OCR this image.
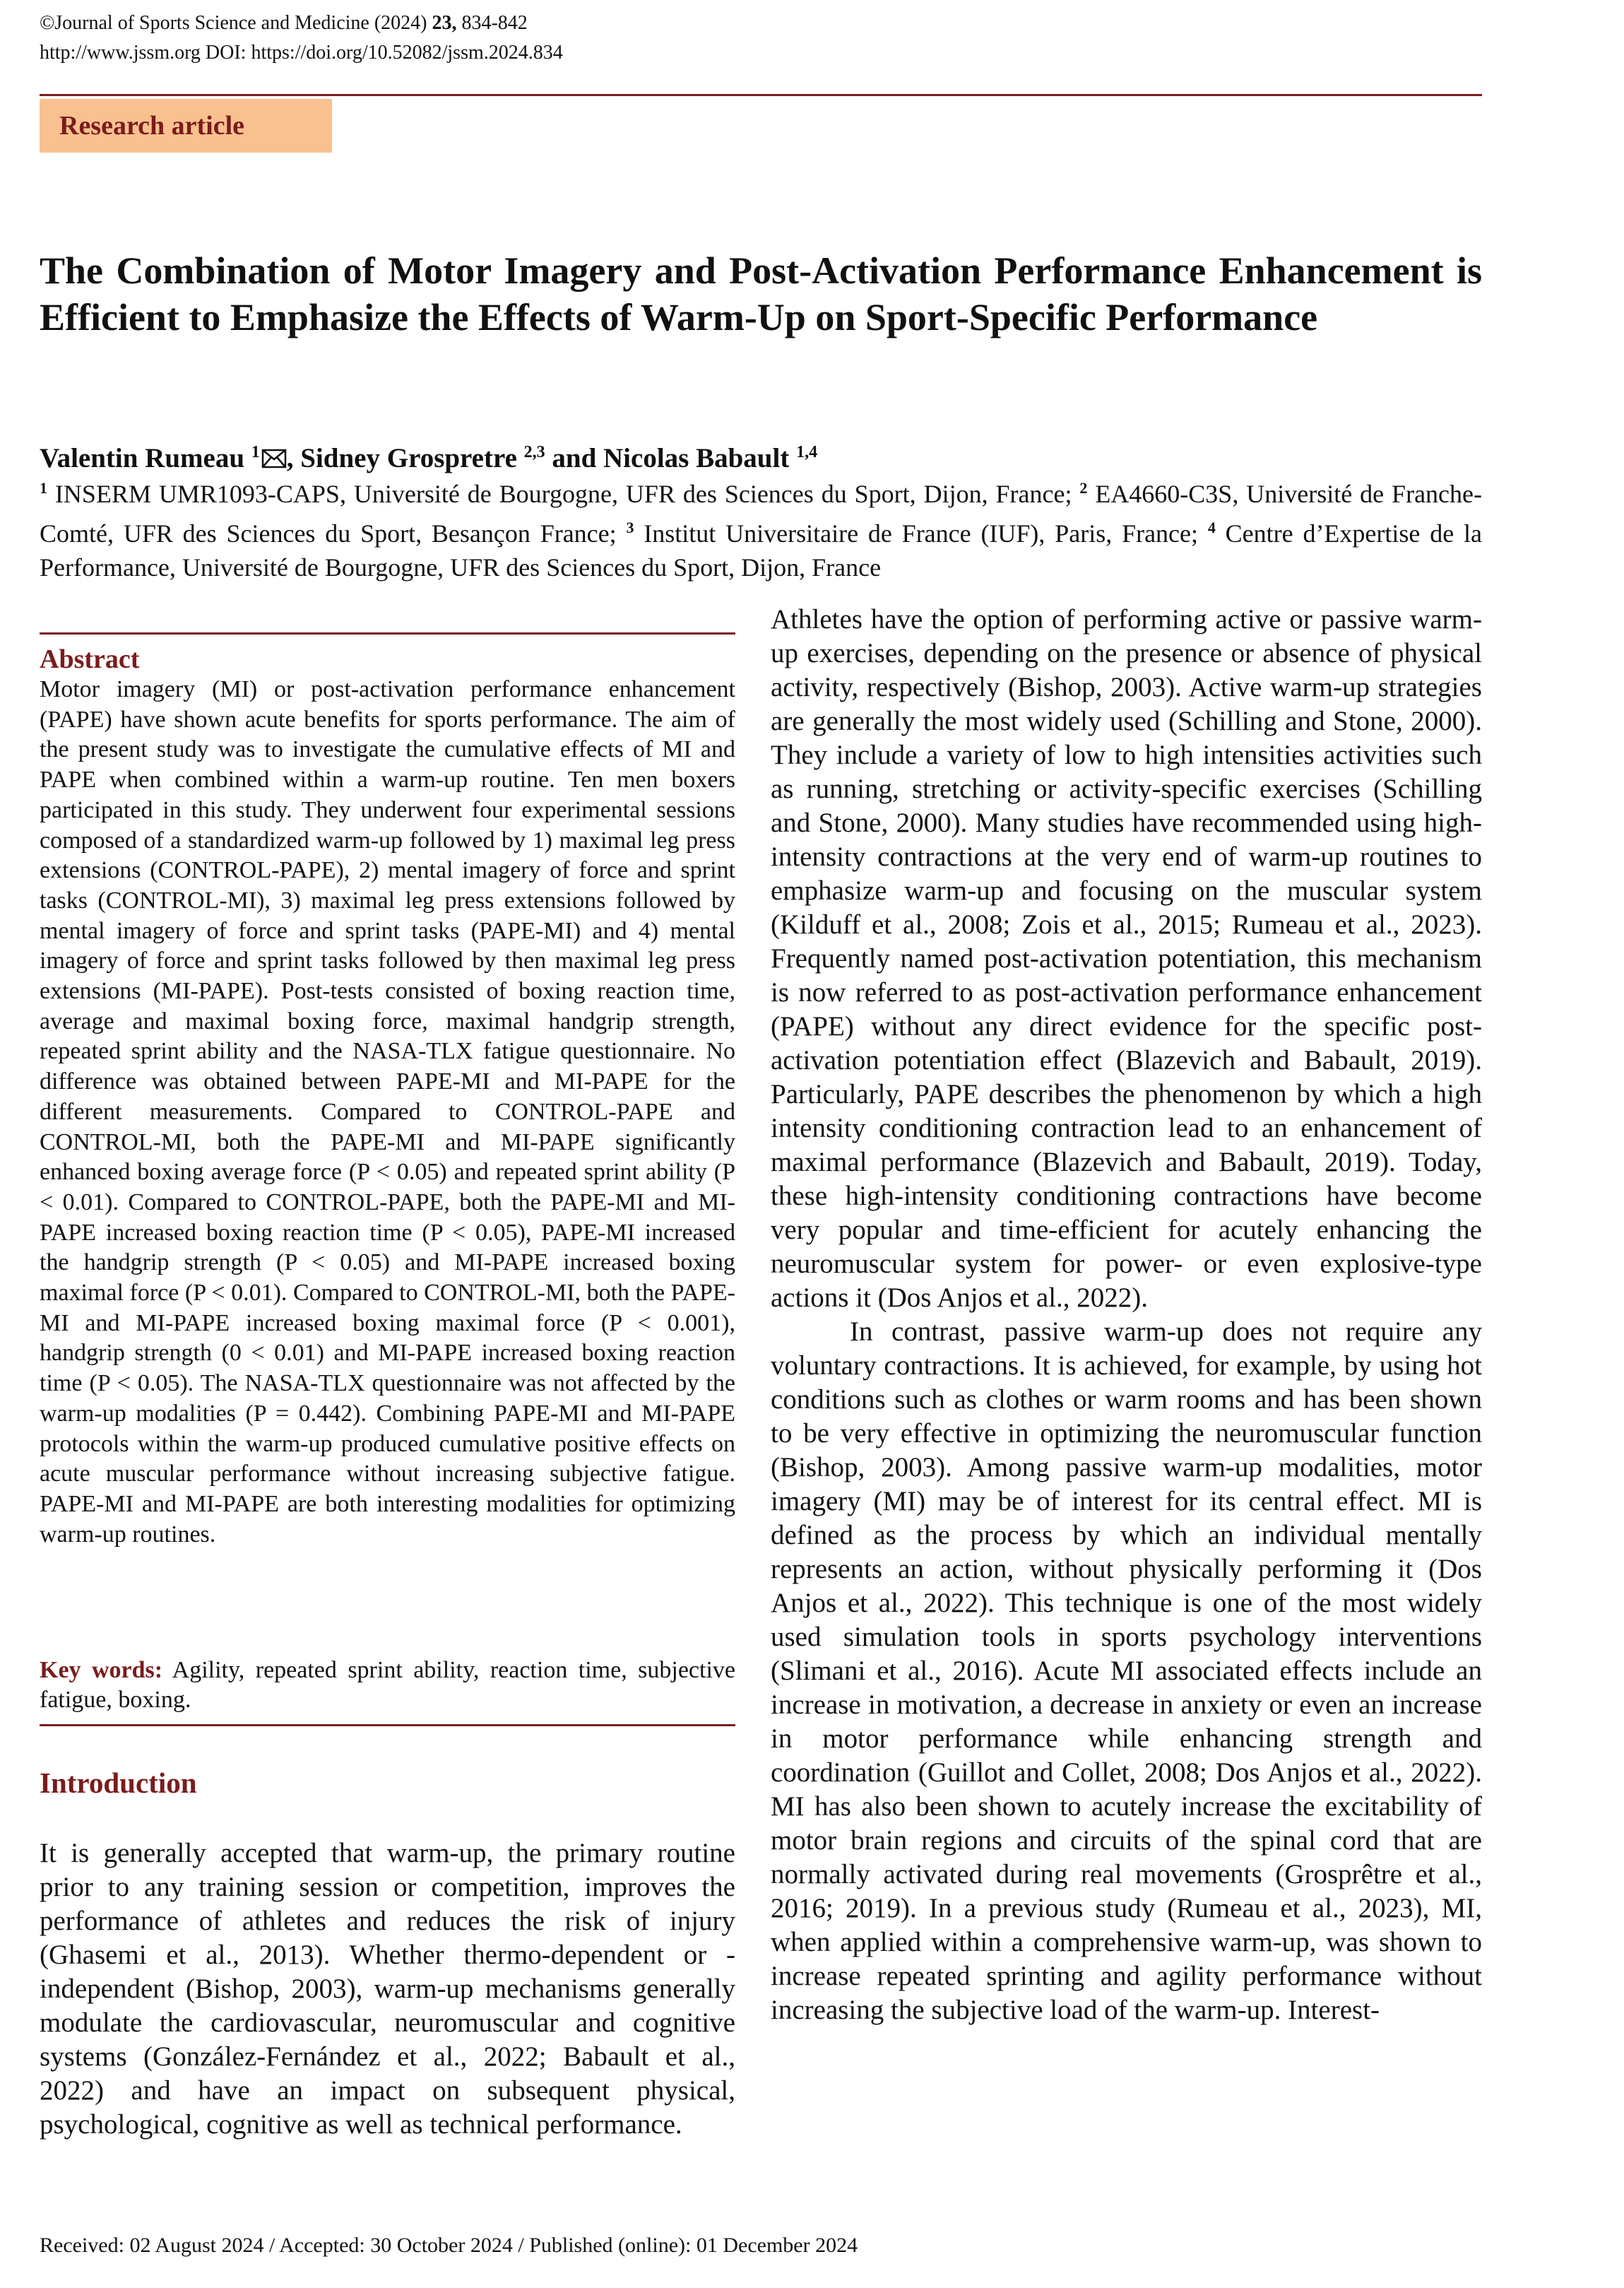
©Journal of Sports Science and Medicine (2024) 23, 834-842
http://www.jssm.org DOI: https://doi.org/10.52082/jssm.2024.834
Research article
The Combination of Motor Imagery and Post-Activation Performance Enhancement is Efficient to Emphasize the Effects of Warm-Up on Sport-Specific Performance
Valentin Rumeau $^1$ , Sidney Grospretre $^{2,3}$ and Nicolas Babault $^{1,4}$
$^1$ INSERM UMR1093-CAPS, Université de Bourgogne, UFR des Sciences du Sport, Dijon, France; $^2$ EA4660-C3S, Université de Franche-Comté, UFR des Sciences du Sport, Besançon France; $^3$ Institut Universitaire de France (IUF), Paris, France; $^4$ Centre d’Expertise de la Performance, Université de Bourgogne, UFR des Sciences du Sport, Dijon, France
Abstract

Motor imagery (MI) or post-activation performance enhancement (PAPE) have shown acute benefits for sports performance. The aim of the present study was to investigate the cumulative effects of MI and PAPE when combined within a warm-up routine. Ten men boxers participated in this study. They underwent four experimental sessions composed of a standardized warm-up followed by 1) maximal leg press extensions (CONTROL-PAPE), 2) mental imagery of force and sprint tasks (CONTROL-MI), 3) maximal leg press extensions followed by mental imagery of force and sprint tasks (PAPE-MI) and 4) mental imagery of force and sprint tasks followed by then maximal leg press extensions (MI-PAPE). Post-tests consisted of boxing reaction time, average and maximal boxing force, maximal handgrip strength, repeated sprint ability and the NASA-TLX fatigue questionnaire. No difference was obtained between PAPE-MI and MI-PAPE for the different measurements. Compared to CONTROL-PAPE and CONTROL-MI, both the PAPE-MI and MI-PAPE significantly enhanced boxing average force (P < 0.05) and repeated sprint ability (P < 0.01). Compared to CONTROL-PAPE, both the PAPE-MI and MI-PAPE increased boxing reaction time (P < 0.05), PAPE-MI increased the handgrip strength (P < 0.05) and MI-PAPE increased boxing maximal force (P < 0.01). Compared to CONTROL-MI, both the PAPE-MI and MI-PAPE increased boxing maximal force (P < 0.001), handgrip strength (0 < 0.01) and MI-PAPE increased boxing reaction time (P < 0.05). The NASA-TLX questionnaire was not affected by the warm-up modalities (P = 0.442). Combining PAPE-MI and MI-PAPE protocols within the warm-up produced cumulative positive effects on acute muscular performance without increasing subjective fatigue. PAPE-MI and MI-PAPE are both interesting modalities for optimizing warm-up routines.

Key words: Agility, repeated sprint ability, reaction time, subjective fatigue, boxing.

Introduction

It is generally accepted that warm-up, the primary routine prior to any training session or competition, improves the performance of athletes and reduces the risk of injury (Ghasemi et al., 2013). Whether thermo-dependent or -independent (Bishop, 2003), warm-up mechanisms generally modulate the cardiovascular, neuromuscular and cognitive systems (González-Fernández et al., 2022; Babault et al., 2022) and have an impact on subsequent physical, psychological, cognitive as well as technical performance.

Athletes have the option of performing active or passive warm-up exercises, depending on the presence or absence of physical activity, respectively (Bishop, 2003). Active warm-up strategies are generally the most widely used (Schilling and Stone, 2000). They include a variety of low to high intensities activities such as running, stretching or activity-specific exercises (Schilling and Stone, 2000). Many studies have recommended using high-intensity contractions at the very end of warm-up routines to emphasize warm-up and focusing on the muscular system (Kilduff et al., 2008; Zois et al., 2015; Rumeau et al., 2023). Frequently named post-activation potentiation, this mechanism is now referred to as post-activation performance enhancement (PAPE) without any direct evidence for the specific post-activation potentiation effect (Blazevich and Babault, 2019). Particularly, PAPE describes the phenomenon by which a high intensity conditioning contraction lead to an enhancement of maximal performance (Blazevich and Babault, 2019). Today, these high-intensity conditioning contractions have become very popular and time-efficient for acutely enhancing the neuromuscular system for power- or even explosive-type actions it (Dos Anjos et al., 2022).

In contrast, passive warm-up does not require any voluntary contractions. It is achieved, for example, by using hot conditions such as clothes or warm rooms and has been shown to be very effective in optimizing the neuromuscular function (Bishop, 2003). Among passive warm-up modalities, motor imagery (MI) may be of interest for its central effect. MI is defined as the process by which an individual mentally represents an action, without physically performing it (Dos Anjos et al., 2022). This technique is one of the most widely used simulation tools in sports psychology interventions (Slimani et al., 2016). Acute MI associated effects include an increase in motivation, a decrease in anxiety or even an increase in motor performance while enhancing strength and coordination (Guillot and Collet, 2008; Dos Anjos et al., 2022). MI has also been shown to acutely increase the excitability of motor brain regions and circuits of the spinal cord that are normally activated during real movements (Grosprêtre et al., 2016; 2019). In a previous study (Rumeau et al., 2023), MI, when applied within a comprehensive warm-up, was shown to increase repeated sprinting and agility performance without increasing the subjective load of the warm-up. Interest-

Received: 02 August 2024 / Accepted: 30 October 2024 / Published (online): 01 December 2024
